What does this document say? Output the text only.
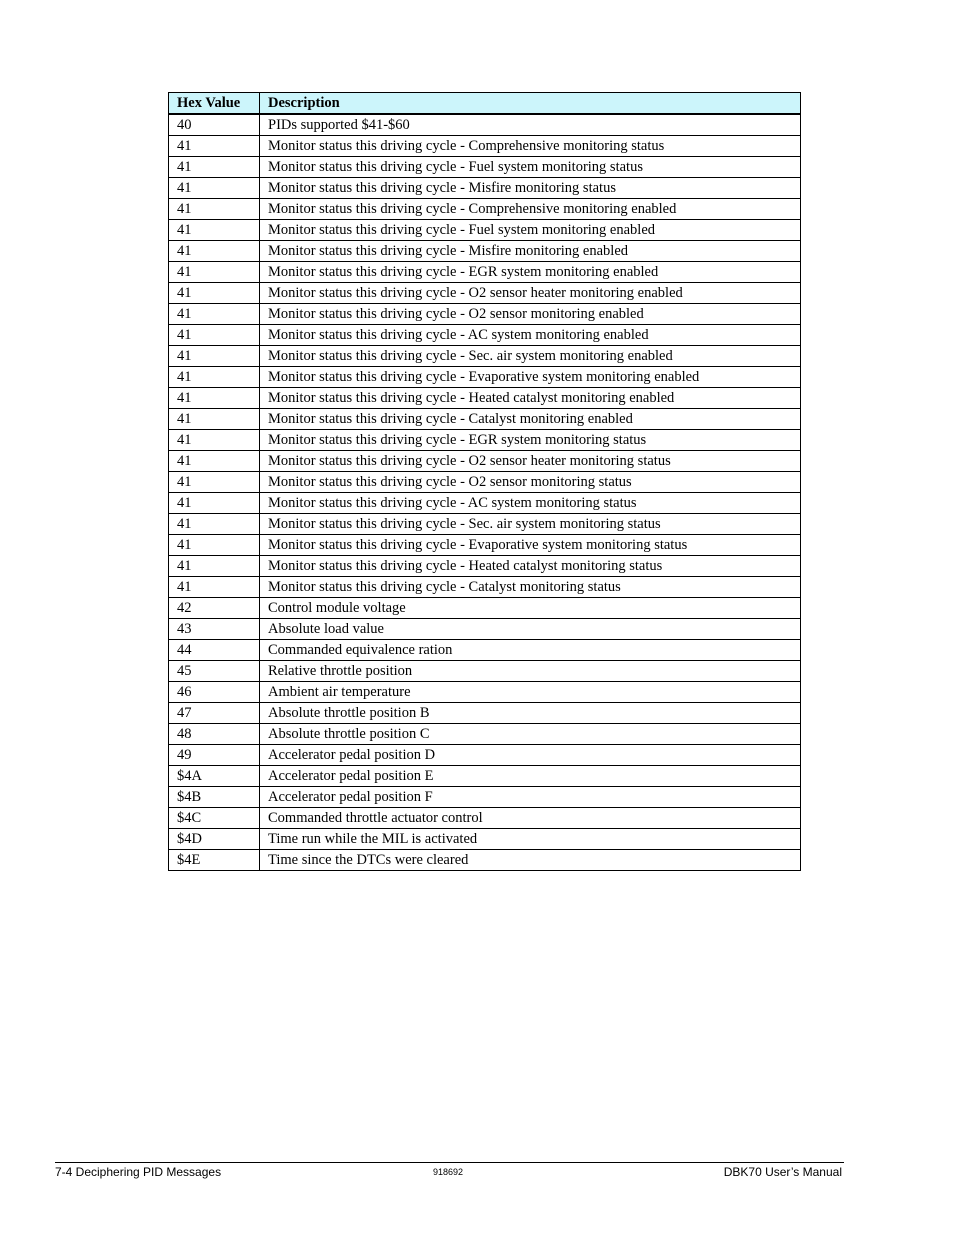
Hex Value	Description
40	PIDs supported $41-$60
41	Monitor status this driving cycle - Comprehensive monitoring status
41	Monitor status this driving cycle - Fuel system monitoring status
41	Monitor status this driving cycle - Misfire monitoring status
41	Monitor status this driving cycle - Comprehensive monitoring enabled
41	Monitor status this driving cycle - Fuel system monitoring enabled
41	Monitor status this driving cycle - Misfire monitoring enabled
41	Monitor status this driving cycle - EGR system monitoring enabled
41	Monitor status this driving cycle - O2 sensor heater monitoring enabled
41	Monitor status this driving cycle - O2 sensor monitoring enabled
41	Monitor status this driving cycle - AC system monitoring enabled
41	Monitor status this driving cycle - Sec. air system monitoring enabled
41	Monitor status this driving cycle - Evaporative system monitoring enabled
41	Monitor status this driving cycle - Heated catalyst monitoring enabled
41	Monitor status this driving cycle - Catalyst monitoring enabled
41	Monitor status this driving cycle - EGR system monitoring status
41	Monitor status this driving cycle - O2 sensor heater monitoring status
41	Monitor status this driving cycle - O2 sensor monitoring status
41	Monitor status this driving cycle - AC system monitoring status
41	Monitor status this driving cycle - Sec. air system monitoring status
41	Monitor status this driving cycle - Evaporative system monitoring status
41	Monitor status this driving cycle - Heated catalyst monitoring status
41	Monitor status this driving cycle - Catalyst monitoring status
42	Control module voltage
43	Absolute load value
44	Commanded equivalence ration
45	Relative throttle position
46	Ambient air temperature
47	Absolute throttle position B
48	Absolute throttle position C
49	Accelerator pedal position D
$4A	Accelerator pedal position E
$4B	Accelerator pedal position F
$4C	Commanded throttle actuator control
$4D	Time run while the MIL is activated
$4E	Time since the DTCs were cleared
7-4 Deciphering PID Messages	918692	DBK70 User’s Manual
